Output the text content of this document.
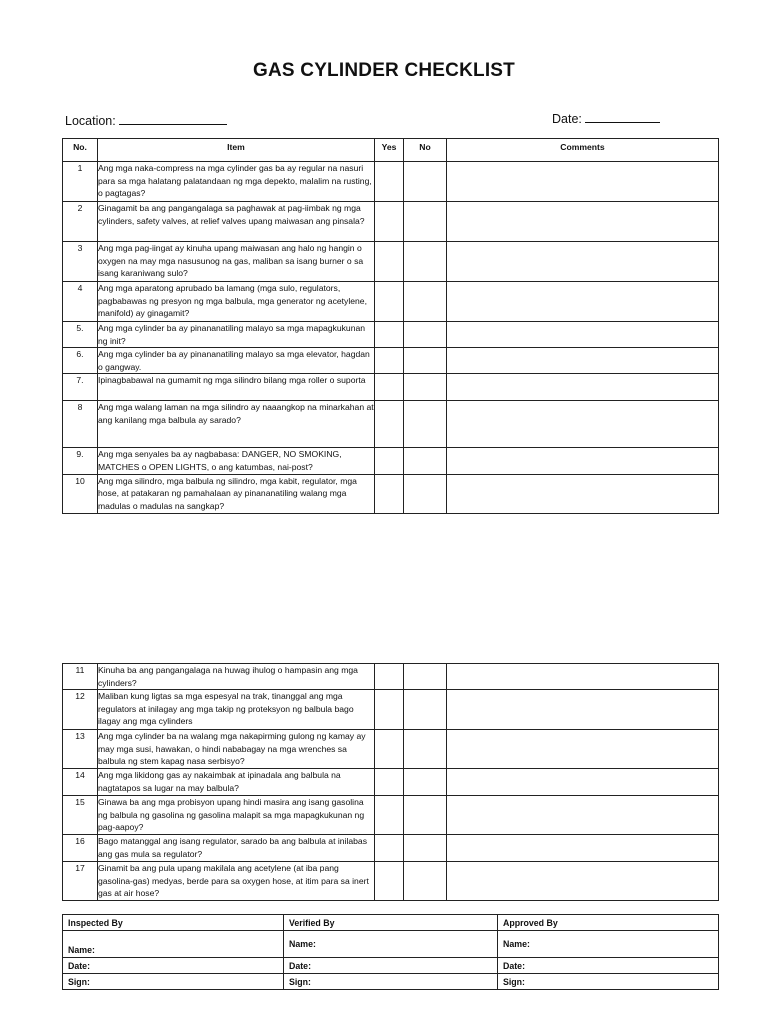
GAS CYLINDER CHECKLIST
Location:	Date:
No.	Item	Yes	No	Comments
1	Ang mga naka-compress na mga cylinder gas ba ay regular na nasuri para sa mga halatang palatandaan ng mga depekto, malalim na rusting, o pagtagas?			
2	Ginagamit ba ang pangangalaga sa paghawak at pag-iimbak ng mga cylinders, safety valves, at relief valves upang maiwasan ang pinsala?			
3	Ang mga pag-iingat ay kinuha upang maiwasan ang halo ng hangin o oxygen na may mga nasusunog na gas, maliban sa isang burner o sa isang karaniwang sulo?			
4	Ang mga aparatong aprubado ba lamang (mga sulo, regulators, pagbabawas ng presyon ng mga balbula, mga generator ng acetylene, manifold) ay ginagamit?			
5.	Ang mga cylinder ba ay pinananatiling malayo sa mga mapagkukunan ng init?			
6.	Ang mga cylinder ba ay pinananatiling malayo sa mga elevator, hagdan o gangway.			
7.	Ipinagbabawal na gumamit ng mga silindro bilang mga roller o suporta			
8	Ang mga walang laman na mga silindro ay naaangkop na minarkahan at ang kanilang mga balbula ay sarado?			
9.	Ang mga senyales ba ay nagbabasa: DANGER, NO SMOKING, MATCHES o OPEN LIGHTS, o ang katumbas, nai-post?			
10	Ang mga silindro, mga balbula ng silindro, mga kabit, regulator, mga hose, at patakaran ng pamahalaan ay pinananatiling walang mga madulas o madulas na sangkap?			
11	Kinuha ba ang pangangalaga na huwag ihulog o hampasin ang mga cylinders?			
12	Maliban kung ligtas sa mga espesyal na trak, tinanggal ang mga regulators at inilagay ang mga takip ng proteksyon ng balbula bago ilagay ang mga cylinders			
13	Ang mga cylinder ba na walang mga nakapirming gulong ng kamay ay may mga susi, hawakan, o hindi nababagay na mga wrenches sa balbula ng stem kapag nasa serbisyo?			
14	Ang mga likidong gas ay nakaimbak at ipinadala ang balbula na nagtatapos sa lugar na may balbula?			
15	Ginawa ba ang mga probisyon upang hindi masira ang isang gasolina ng balbula ng gasolina ng gasolina malapit sa mga mapagkukunan ng pag-aapoy?			
16	Bago matanggal ang isang regulator, sarado ba ang balbula at inilabas ang gas mula sa regulator?			
17	Ginamit ba ang pula upang makilala ang acetylene (at iba pang gasolina-gas) medyas, berde para sa oxygen hose, at itim para sa inert gas at air hose?			
Inspected By	Verified By	Approved By
Name:	Name:	Name:
Date:	Date:	Date:
Sign:	Sign:	Sign:
